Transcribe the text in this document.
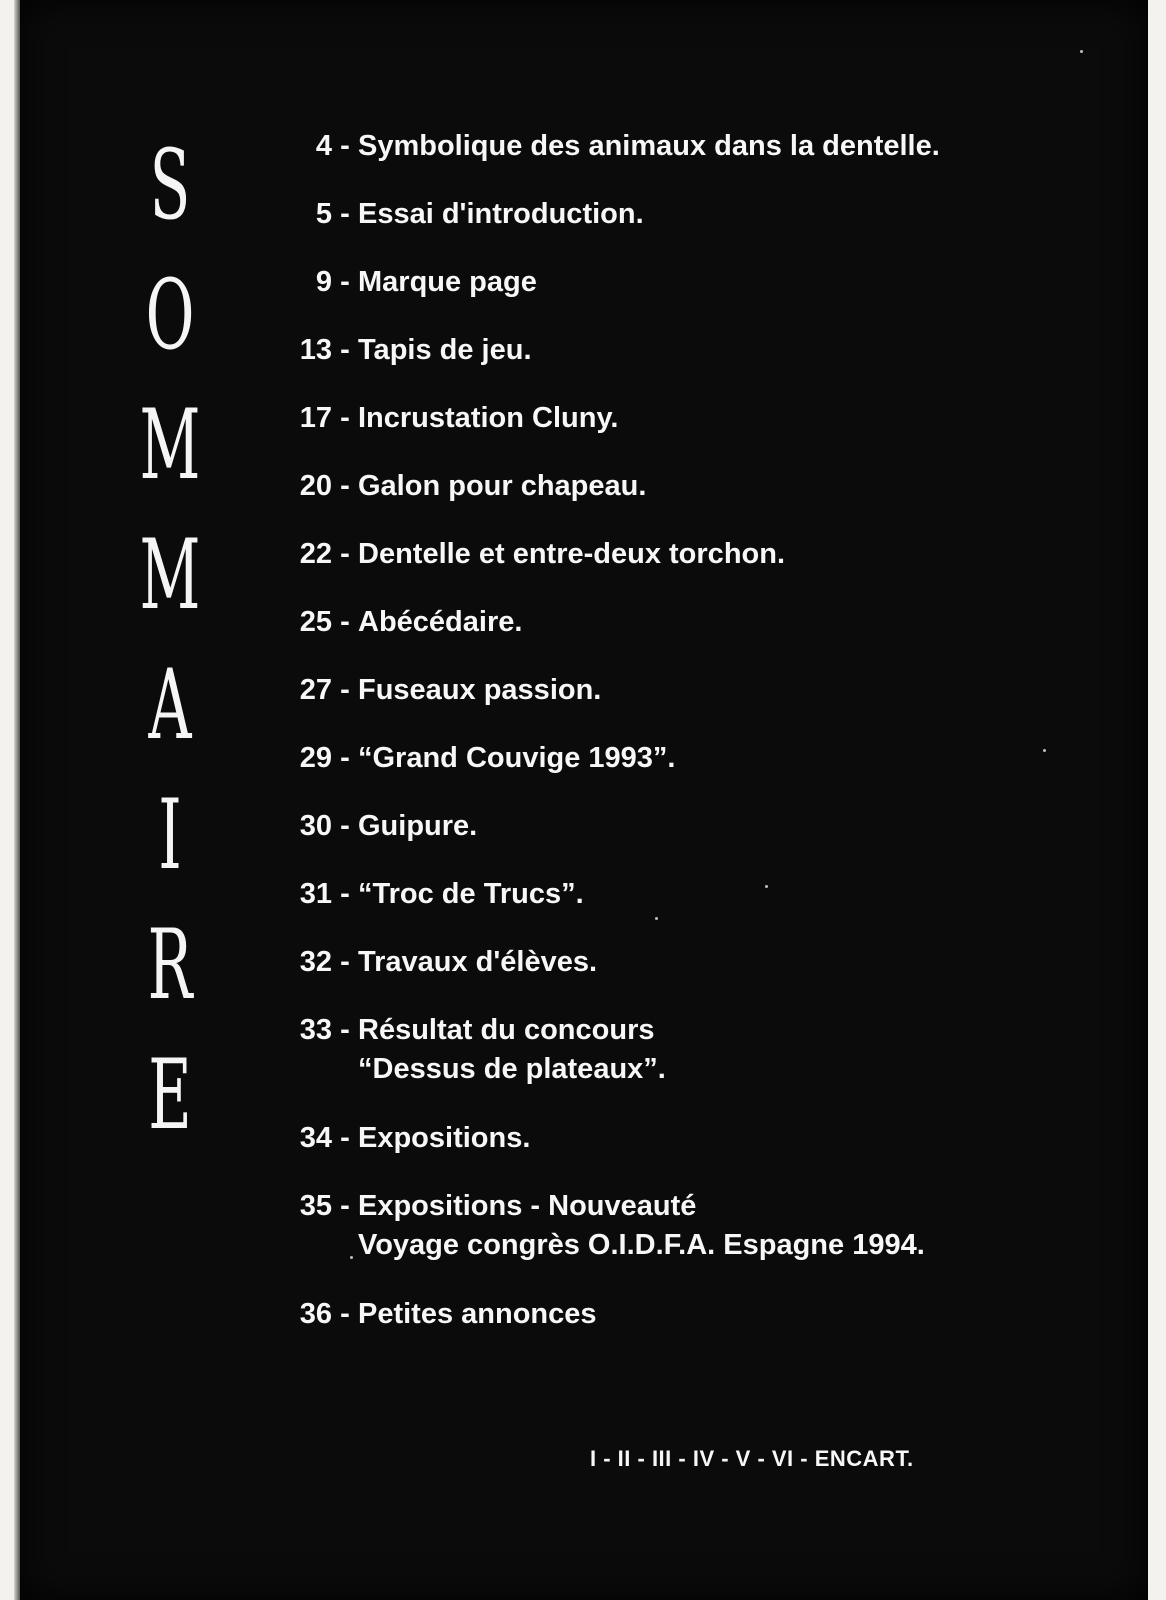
S
O
M
M
A
I
R
E
4 - Symbolique des animaux dans la dentelle.
5 - Essai d'introduction.
9 - Marque page
13 - Tapis de jeu.
17 - Incrustation Cluny.
20 - Galon pour chapeau.
22 - Dentelle et entre-deux torchon.
25 - Abécédaire.
27 - Fuseaux passion.
29 - “Grand Couvige 1993”.
30 - Guipure.
31 - “Troc de Trucs”.
32 - Travaux d'élèves.
33 - Résultat du concours
“Dessus de plateaux”.
34 - Expositions.
35 - Expositions - Nouveauté
Voyage congrès O.I.D.F.A. Espagne 1994.
36 - Petites annonces
I - II - III - IV - V - VI - ENCART.
